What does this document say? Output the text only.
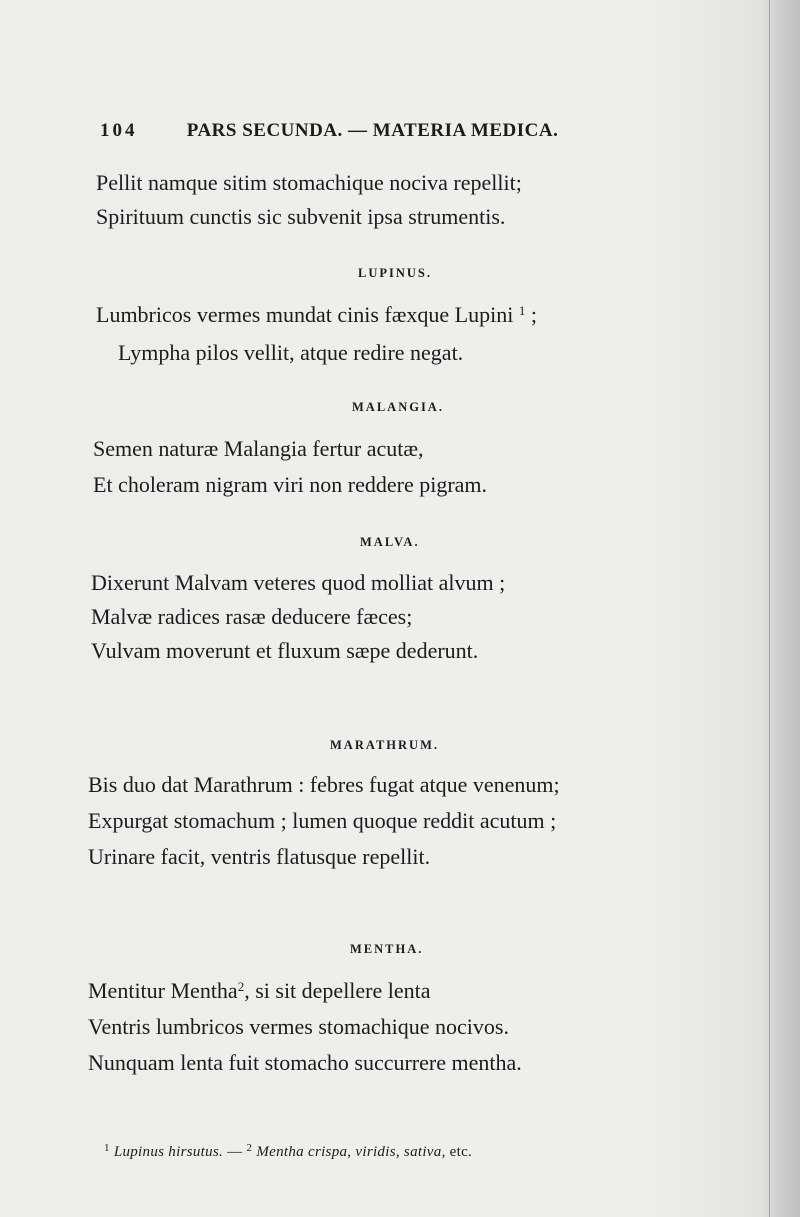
104	PARS SECUNDA. — MATERIA MEDICA.
Pellit namque sitim stomachique nociva repellit;
Spirituum cunctis sic subvenit ipsa strumentis.
LUPINUS.
Lumbricos vermes mundat cinis fæxque Lupini $^1$ ;
Lympha pilos vellit, atque redire negat.
MALANGIA.
Semen naturæ Malangia fertur acutæ,
Et choleram nigram viri non reddere pigram.
MALVA.
Dixerunt Malvam veteres quod molliat alvum ;
Malvæ radices rasæ deducere fæces;
Vulvam moverunt et fluxum sæpe dederunt.
MARATHRUM.
Bis duo dat Marathrum : febres fugat atque venenum;
Expurgat stomachum ; lumen quoque reddit acutum ;
Urinare facit, ventris flatusque repellit.
MENTHA.
Mentitur Mentha$^2$, si sit depellere lenta
Ventris lumbricos vermes stomachique nocivos.
Nunquam lenta fuit stomacho succurrere mentha.
$^1$ Lupinus hirsutus. — $^2$ Mentha crispa, viridis, sativa, etc.
